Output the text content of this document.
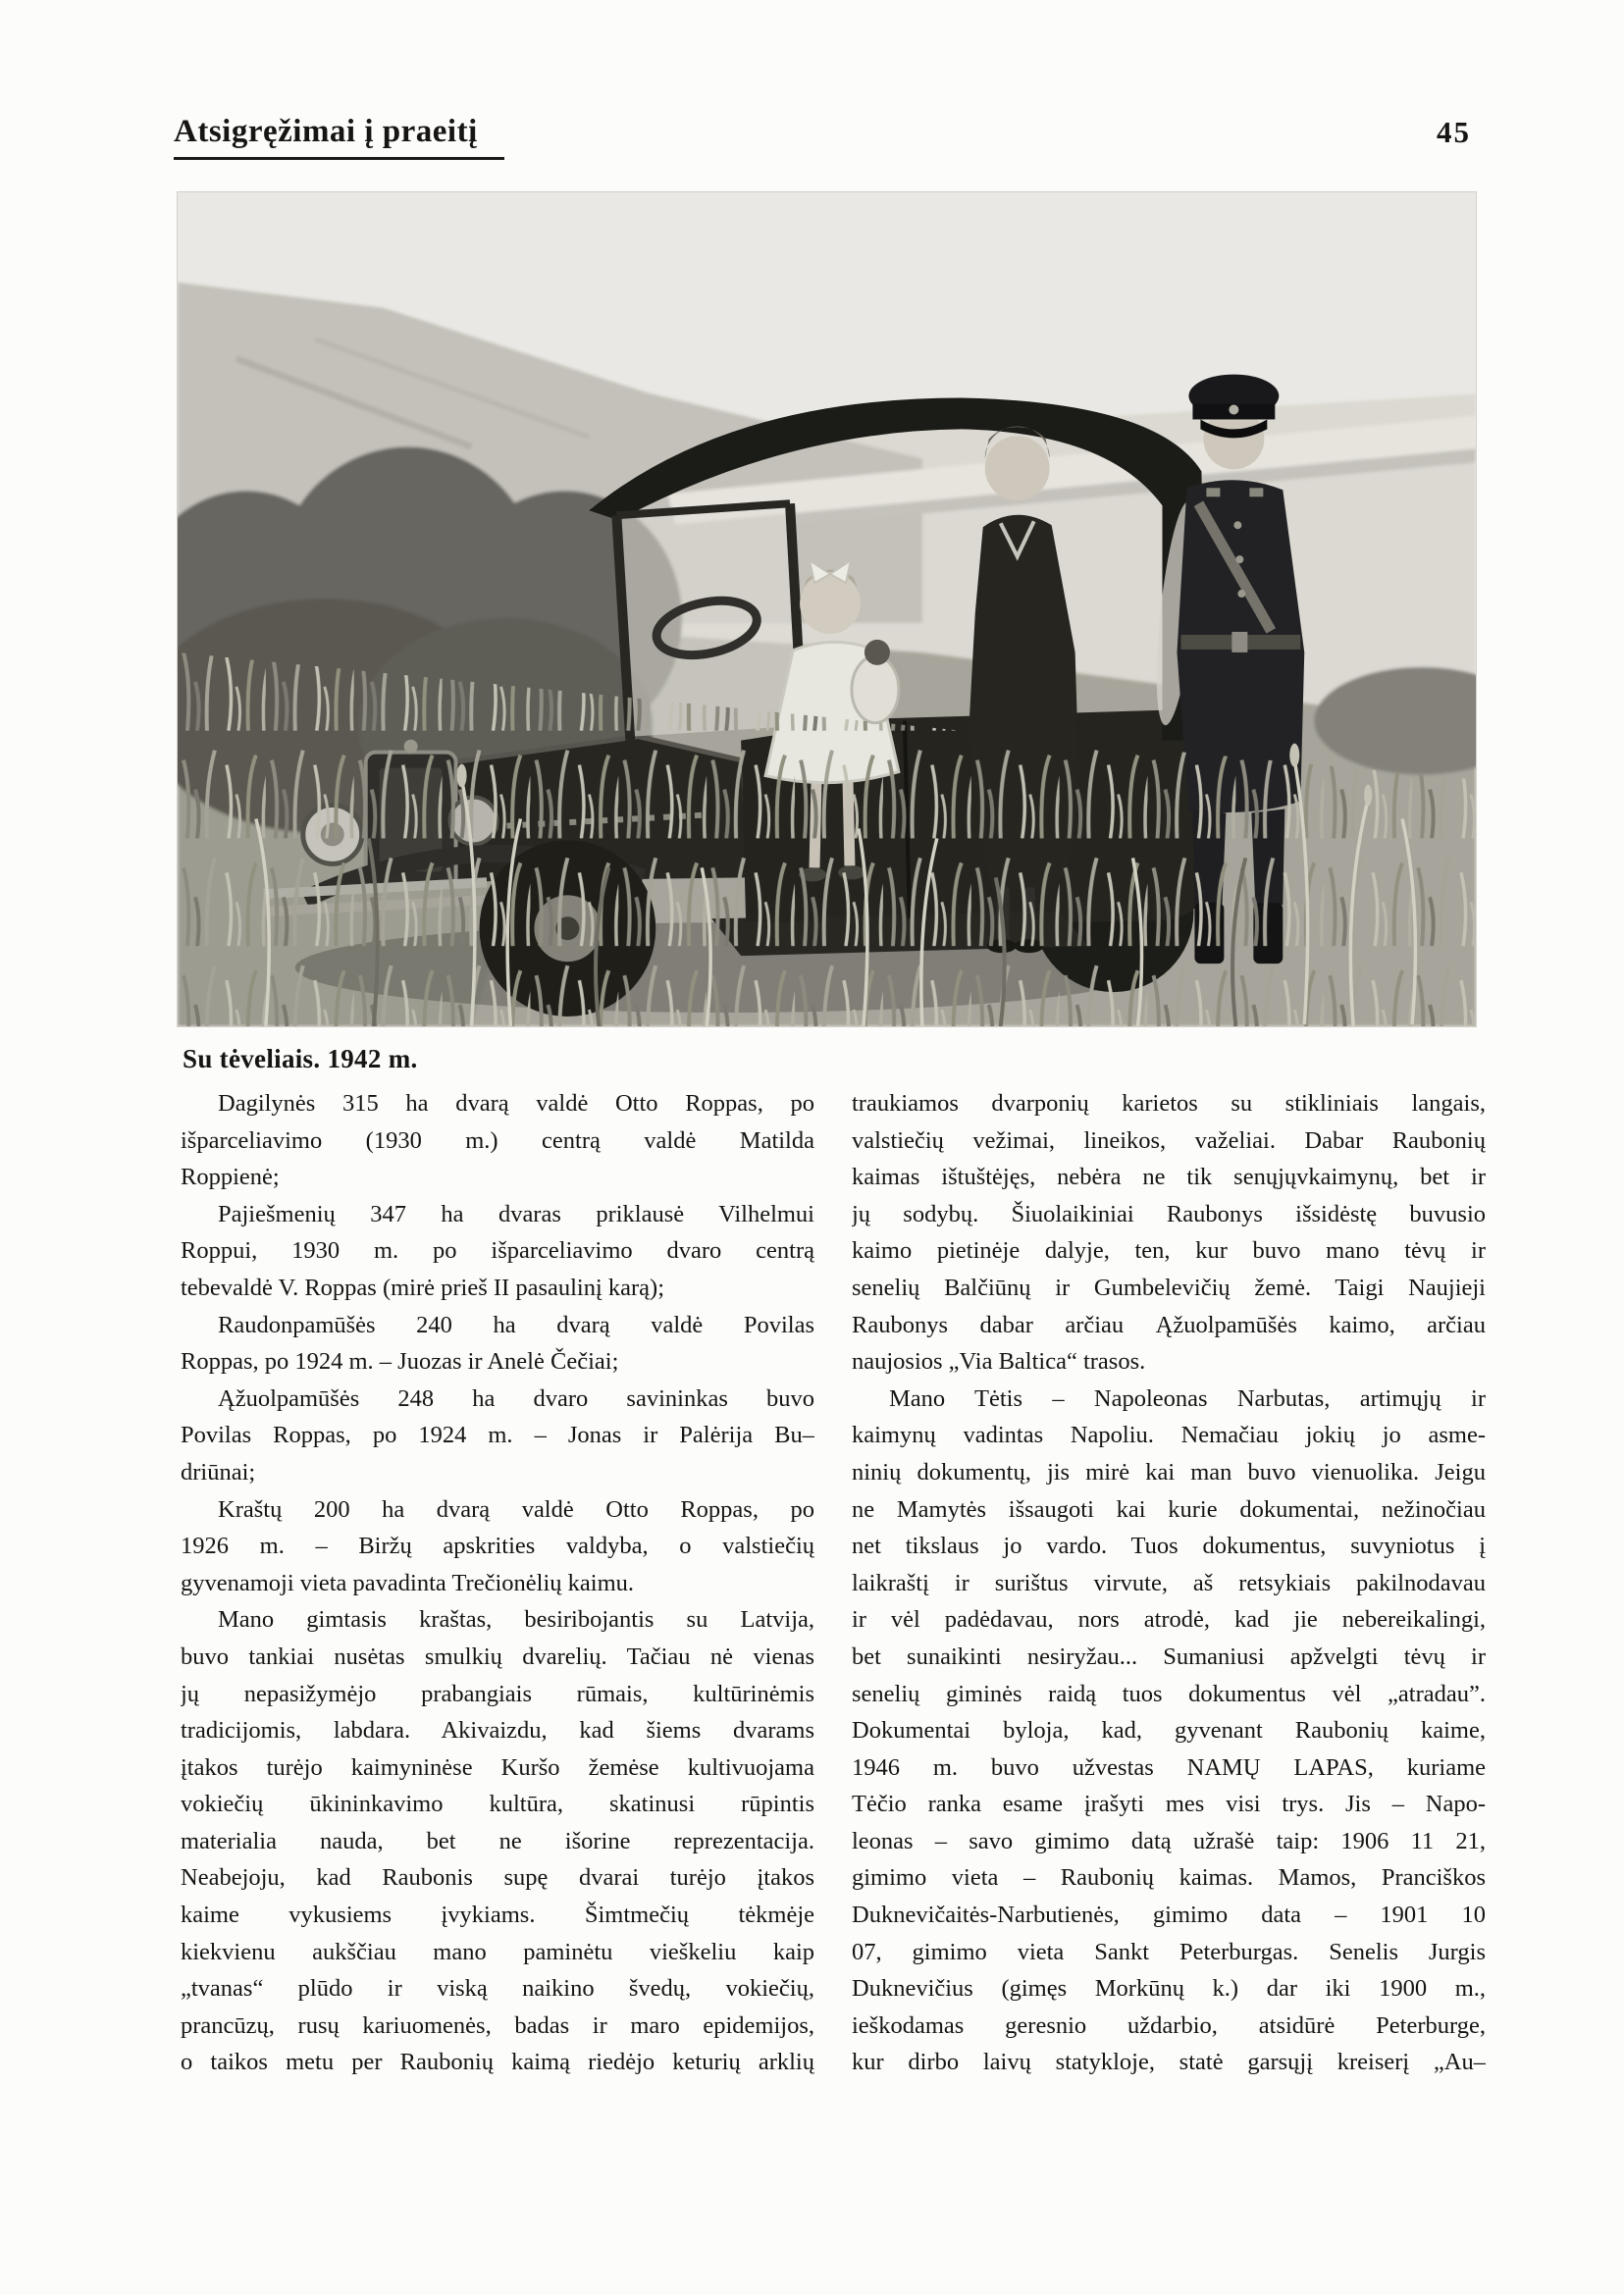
Atsigręžimai į praeitį	45
Su tėveliais. 1942 m.
Dagilynės 315 ha dvarą valdė Otto Roppas, po
išparceliavimo (1930 m.) centrą valdė Matilda
Roppienė;
Pajiešmenių 347 ha dvaras priklausė Vilhelmui
Roppui, 1930 m. po išparceliavimo dvaro centrą
tebevaldė V. Roppas (mirė prieš II pasaulinį karą);
Raudonpamūšės 240 ha dvarą valdė Povilas
Roppas, po 1924 m. – Juozas ir Anelė Čečiai;
Ąžuolpamūšės 248 ha dvaro savininkas buvo
Povilas Roppas, po 1924 m. – Jonas ir Palėrija Bu–
driūnai;
Kraštų 200 ha dvarą valdė Otto Roppas, po
1926 m. – Biržų apskrities valdyba, o valstiečių
gyvenamoji vieta pavadinta Trečionėlių kaimu.
Mano gimtasis kraštas, besiribojantis su Latvija,
buvo tankiai nusėtas smulkių dvarelių. Tačiau nė vienas
jų nepasižymėjo prabangiais rūmais, kultūrinėmis
tradicijomis, labdara. Akivaizdu, kad šiems dvarams
įtakos turėjo kaimyninėse Kuršo žemėse kultivuojama
vokiečių ūkininkavimo kultūra, skatinusi rūpintis
materialia nauda, bet ne išorine reprezentacija.
Neabejoju, kad Raubonis supę dvarai turėjo įtakos
kaime vykusiems įvykiams. Šimtmečių tėkmėje
kiekvienu aukščiau mano paminėtu vieškeliu kaip
„tvanas“ plūdo ir viską naikino švedų, vokiečių,
prancūzų, rusų kariuomenės, badas ir maro epidemijos,
o taikos metu per Raubonių kaimą riedėjo keturių arklių
traukiamos dvarponių karietos su stikliniais langais,
valstiečių vežimai, lineikos, važeliai. Dabar Raubonių
kaimas ištuštėjęs, nebėra ne tik senųjųvkaimynų, bet ir
jų sodybų. Šiuolaikiniai Raubonys išsidėstę buvusio
kaimo pietinėje dalyje, ten, kur buvo mano tėvų ir
senelių Balčiūnų ir Gumbelevičių žemė. Taigi Naujieji
Raubonys dabar arčiau Ąžuolpamūšės kaimo, arčiau
naujosios „Via Baltica“ trasos.
Mano Tėtis – Napoleonas Narbutas, artimųjų ir
kaimynų vadintas Napoliu. Nemačiau jokių jo asme-
ninių dokumentų, jis mirė kai man buvo vienuolika. Jeigu
ne Mamytės išsaugoti kai kurie dokumentai, nežinočiau
net tikslaus jo vardo. Tuos dokumentus, suvyniotus į
laikraštį ir surištus virvute, aš retsykiais pakilnodavau
ir vėl padėdavau, nors atrodė, kad jie nebereikalingi,
bet sunaikinti nesiryžau... Sumaniusi apžvelgti tėvų ir
senelių giminės raidą tuos dokumentus vėl „atradau”.
Dokumentai byloja, kad, gyvenant Raubonių kaime,
1946 m. buvo užvestas NAMŲ LAPAS, kuriame
Tėčio ranka esame įrašyti mes visi trys. Jis – Napo-
leonas – savo gimimo datą užrašė taip: 1906 11 21,
gimimo vieta – Raubonių kaimas. Mamos, Pranciškos
Duknevičaitės-Narbutienės, gimimo data – 1901 10
07, gimimo vieta Sankt Peterburgas. Senelis Jurgis
Duknevičius (gimęs Morkūnų k.) dar iki 1900 m.,
ieškodamas geresnio uždarbio, atsidūrė Peterburge,
kur dirbo laivų statykloje, statė garsųjį kreiserį „Au–
